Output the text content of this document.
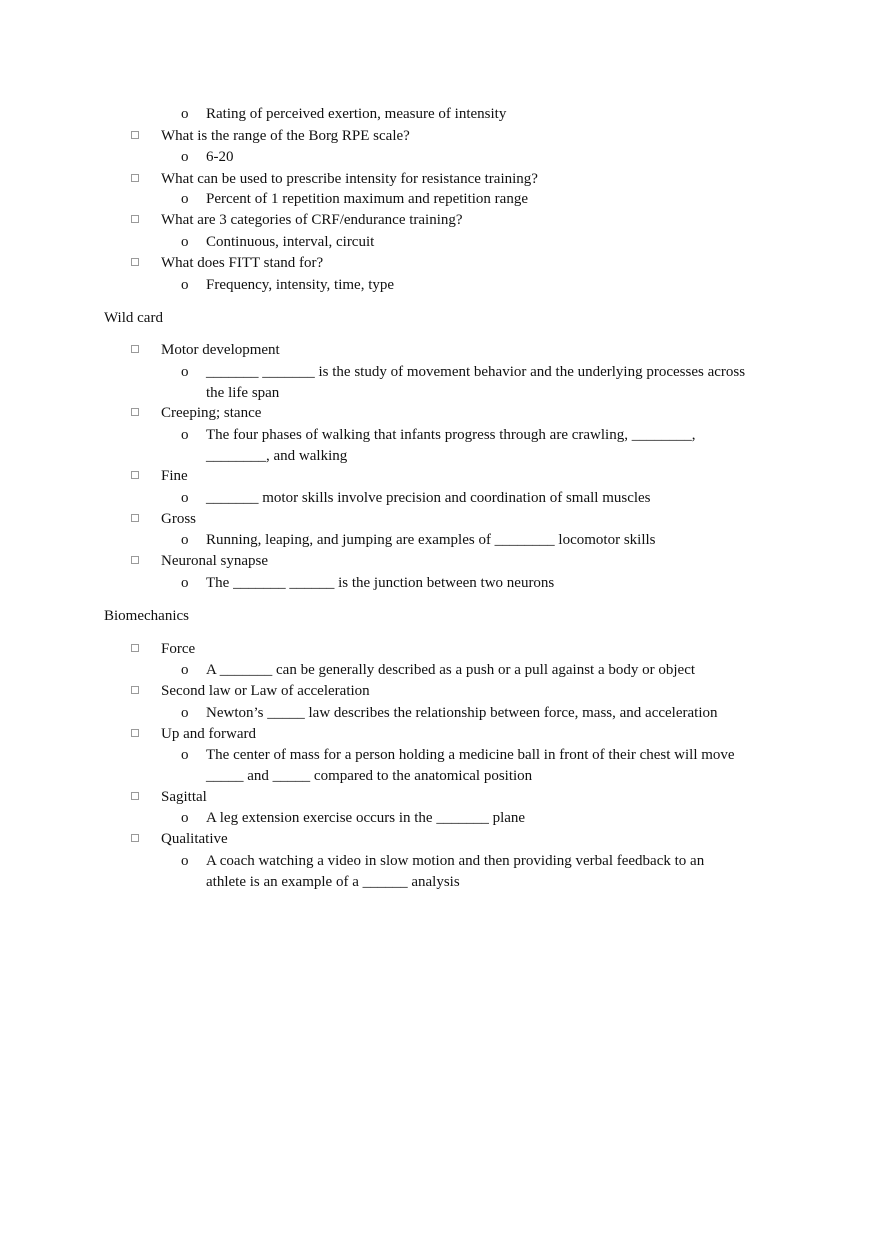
o Rating of perceived exertion, measure of intensity
What is the range of the Borg RPE scale?
o 6-20
What can be used to prescribe intensity for resistance training?
o Percent of 1 repetition maximum and repetition range
What are 3 categories of CRF/endurance training?
o Continuous, interval, circuit
What does FITT stand for?
o Frequency, intensity, time, type
Wild card
Motor development
o _______ _______ is the study of movement behavior and the underlying processes across the life span
Creeping; stance
o The four phases of walking that infants progress through are crawling, ________, ________, and walking
Fine
o _______ motor skills involve precision and coordination of small muscles
Gross
o Running, leaping, and jumping are examples of ________ locomotor skills
Neuronal synapse
o The _______ ______ is the junction between two neurons
Biomechanics
Force
o A _______ can be generally described as a push or a pull against a body or object
Second law or Law of acceleration
o Newton’s _____ law describes the relationship between force, mass, and acceleration
Up and forward
o The center of mass for a person holding a medicine ball in front of their chest will move _____ and _____ compared to the anatomical position
Sagittal
o A leg extension exercise occurs in the _______ plane
Qualitative
o A coach watching a video in slow motion and then providing verbal feedback to an athlete is an example of a ______ analysis
